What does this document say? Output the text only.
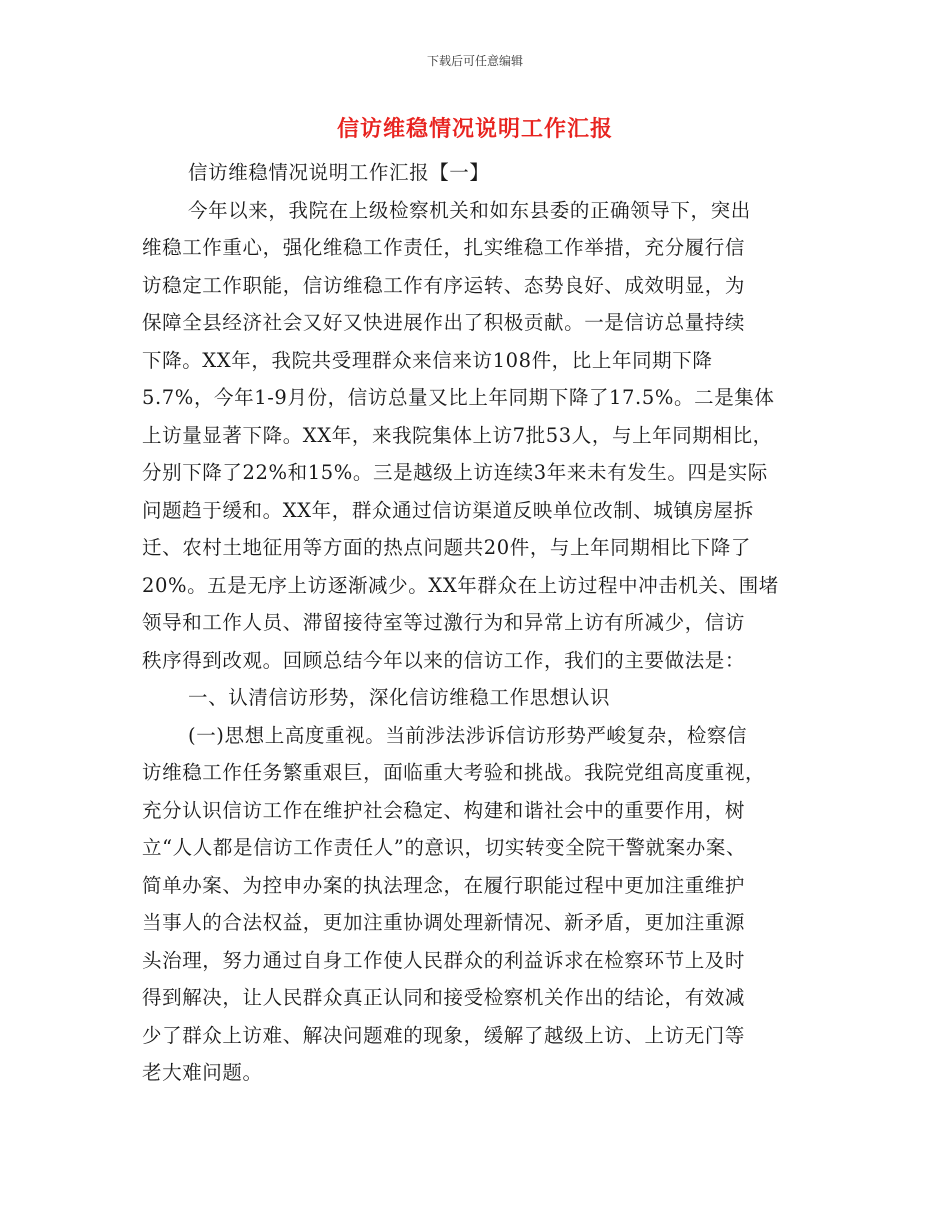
下载后可任意编辑
信访维稳情况说明工作汇报
信访维稳情况说明工作汇报【一】
今年以来，我院在上级检察机关和如东县委的正确领导下，突出
维稳工作重心，强化维稳工作责任，扎实维稳工作举措，充分履行信
访稳定工作职能，信访维稳工作有序运转、态势良好、成效明显，为
保障全县经济社会又好又快进展作出了积极贡献。一是信访总量持续
下降。XX年，我院共受理群众来信来访108件，比上年同期下降
5.7%，今年1-9月份，信访总量又比上年同期下降了17.5%。二是集体
上访量显著下降。XX年，来我院集体上访7批53人，与上年同期相比，
分别下降了22%和15%。三是越级上访连续3年来未有发生。四是实际
问题趋于缓和。XX年，群众通过信访渠道反映单位改制、城镇房屋拆
迁、农村土地征用等方面的热点问题共20件，与上年同期相比下降了
20%。五是无序上访逐渐减少。XX年群众在上访过程中冲击机关、围堵
领导和工作人员、滞留接待室等过激行为和异常上访有所减少，信访
秩序得到改观。回顾总结今年以来的信访工作，我们的主要做法是：
一、认清信访形势，深化信访维稳工作思想认识
(一)思想上高度重视。当前涉法涉诉信访形势严峻复杂，检察信
访维稳工作任务繁重艰巨，面临重大考验和挑战。我院党组高度重视，
充分认识信访工作在维护社会稳定、构建和谐社会中的重要作用，树
立“人人都是信访工作责任人”的意识，切实转变全院干警就案办案、
简单办案、为控申办案的执法理念，在履行职能过程中更加注重维护
当事人的合法权益，更加注重协调处理新情况、新矛盾，更加注重源
头治理，努力通过自身工作使人民群众的利益诉求在检察环节上及时
得到解决，让人民群众真正认同和接受检察机关作出的结论，有效减
少了群众上访难、解决问题难的现象，缓解了越级上访、上访无门等
老大难问题。
